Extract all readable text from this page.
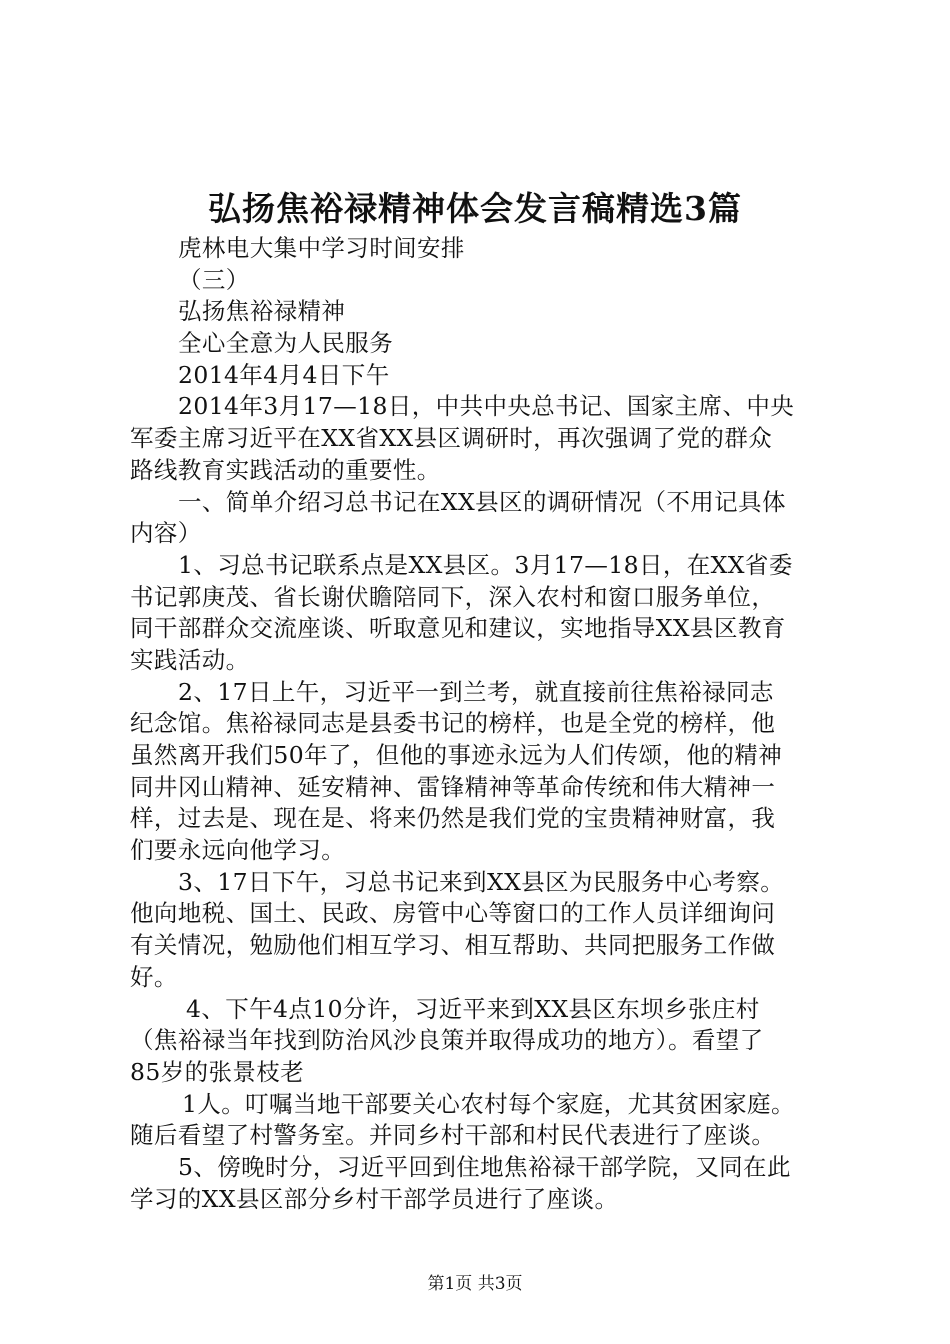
弘扬焦裕禄精神体会发言稿精选3篇
虎林电大集中学习时间安排
（三）
弘扬焦裕禄精神
全心全意为人民服务
2014年4月4日下午
2014年3月17—18日，中共中央总书记、国家主席、中央
军委主席习近平在XX省XX县区调研时，再次强调了党的群众
路线教育实践活动的重要性。
一、简单介绍习总书记在XX县区的调研情况（不用记具体
内容）
1、习总书记联系点是XX县区。3月17—18日，在XX省委
书记郭庚茂、省长谢伏瞻陪同下，深入农村和窗口服务单位，
同干部群众交流座谈、听取意见和建议，实地指导XX县区教育
实践活动。
2、17日上午，习近平一到兰考，就直接前往焦裕禄同志
纪念馆。焦裕禄同志是县委书记的榜样，也是全党的榜样，他
虽然离开我们50年了，但他的事迹永远为人们传颂，他的精神
同井冈山精神、延安精神、雷锋精神等革命传统和伟大精神一
样，过去是、现在是、将来仍然是我们党的宝贵精神财富，我
们要永远向他学习。
3、17日下午，习总书记来到XX县区为民服务中心考察。
他向地税、国土、民政、房管中心等窗口的工作人员详细询问
有关情况，勉励他们相互学习、相互帮助、共同把服务工作做
好。
4、下午4点10分许，习近平来到XX县区东坝乡张庄村
（焦裕禄当年找到防治风沙良策并取得成功的地方）。看望了
85岁的张景枝老
1人。叮嘱当地干部要关心农村每个家庭，尤其贫困家庭。
随后看望了村警务室。并同乡村干部和村民代表进行了座谈。
5、傍晚时分，习近平回到住地焦裕禄干部学院，又同在此
学习的XX县区部分乡村干部学员进行了座谈。
第1页 共3页
